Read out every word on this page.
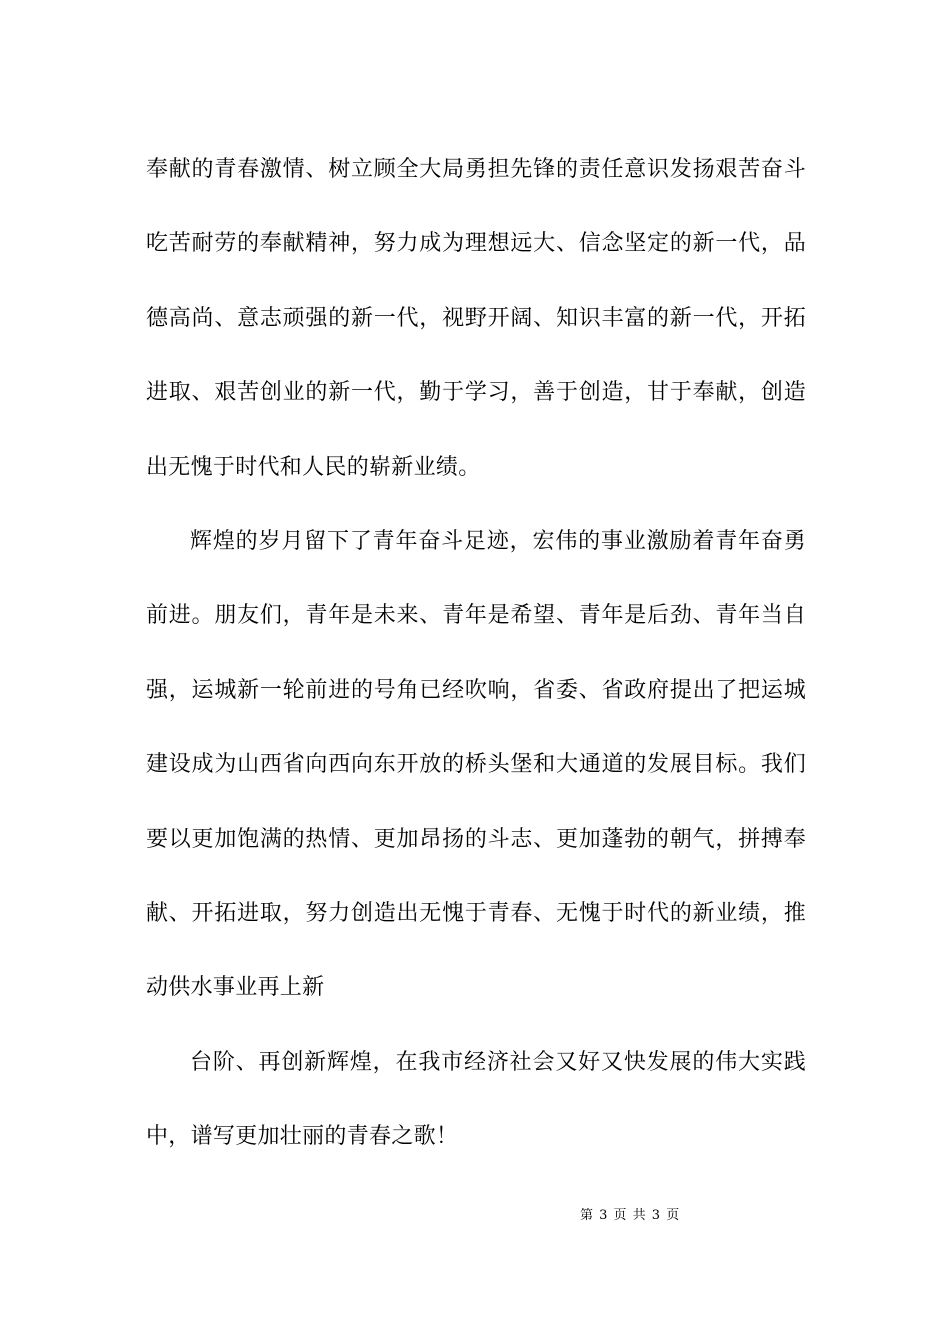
奉献的青春激情、树立顾全大局勇担先锋的责任意识发扬艰苦奋斗吃苦耐劳的奉献精神，努力成为理想远大、信念坚定的新一代，品德高尚、意志顽强的新一代，视野开阔、知识丰富的新一代，开拓进取、艰苦创业的新一代，勤于学习，善于创造，甘于奉献，创造出无愧于时代和人民的崭新业绩。

辉煌的岁月留下了青年奋斗足迹，宏伟的事业激励着青年奋勇前进。朋友们，青年是未来、青年是希望、青年是后劲、青年当自强，运城新一轮前进的号角已经吹响，省委、省政府提出了把运城建设成为山西省向西向东开放的桥头堡和大通道的发展目标。我们要以更加饱满的热情、更加昂扬的斗志、更加蓬勃的朝气，拼搏奉献、开拓进取，努力创造出无愧于青春、无愧于时代的新业绩，推动供水事业再上新

台阶、再创新辉煌，在我市经济社会又好又快发展的伟大实践中，谱写更加壮丽的青春之歌！

第 3 页 共 3 页
